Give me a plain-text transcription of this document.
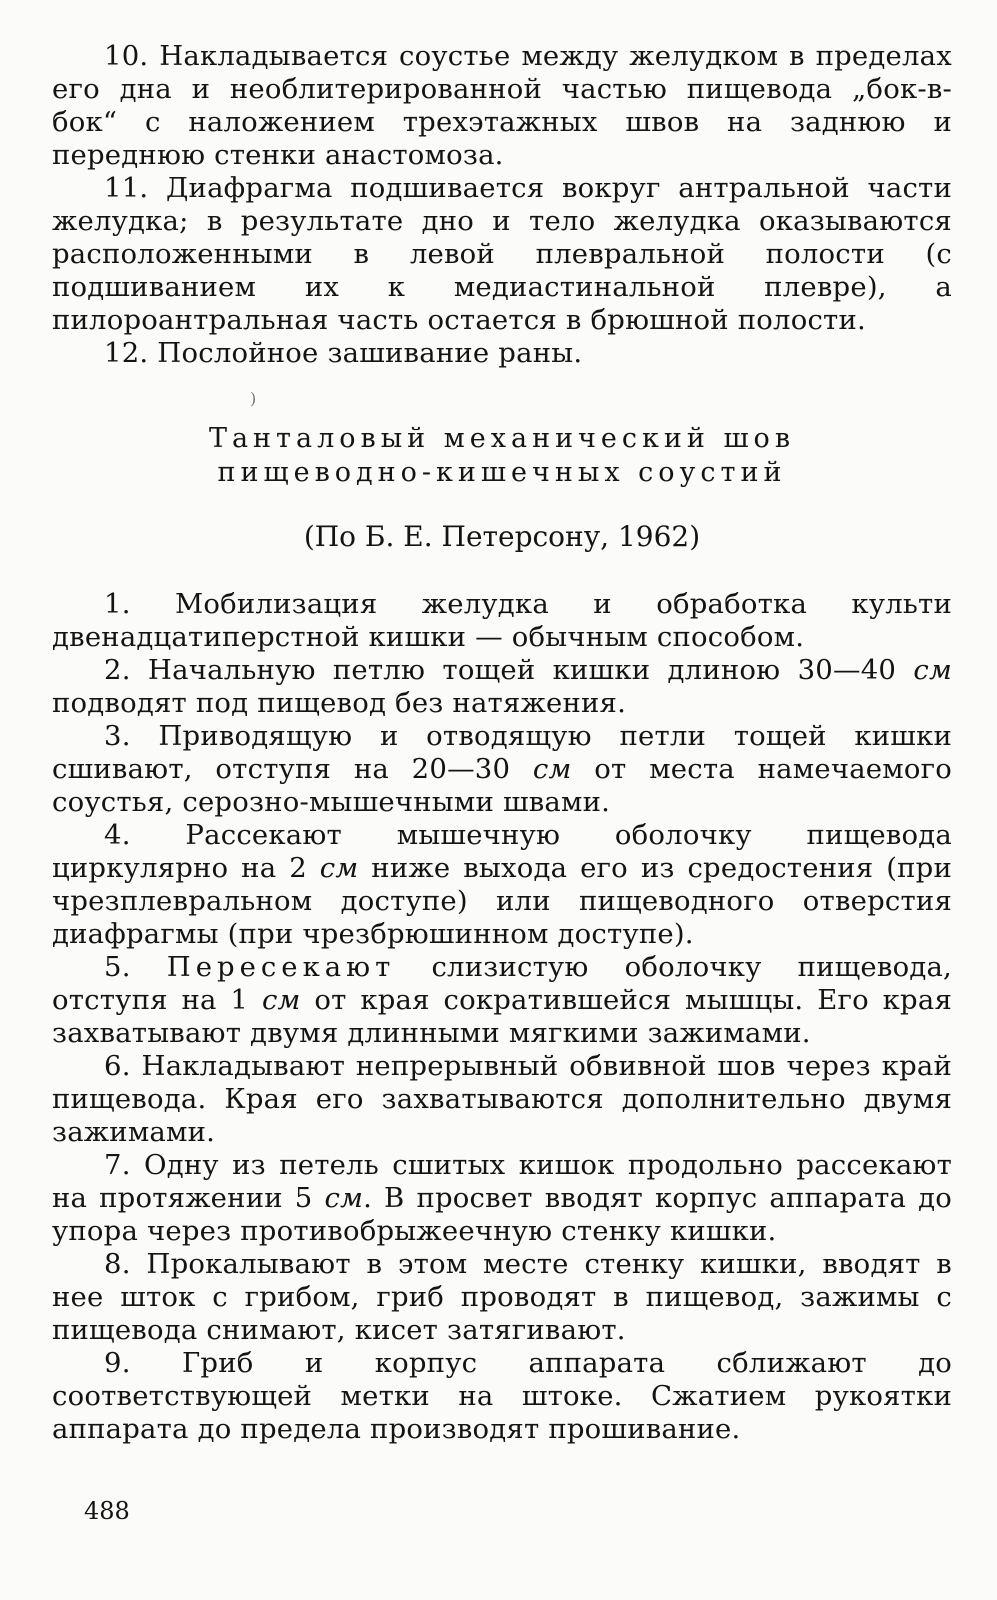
10. Накладывается соустье между желудком в пределах его дна и необлитерированной частью пищевода „бок-в-бок“ с наложением трехэтажных швов на заднюю и переднюю стенки анастомоза.

11. Диафрагма подшивается вокруг антральной части желудка; в результате дно и тело желудка оказываются расположенными в левой плевральной полости (с подшиванием их к медиастинальной плевре), а пилороантральная часть остается в брюшной полости.

12. Послойное зашивание раны.

Танталовый механический шов
пищеводно-кишечных соустий
(По Б. Е. Петерсону, 1962)

1. Мобилизация желудка и обработка культи двенадцатиперстной кишки — обычным способом.

2. Начальную петлю тощей кишки длиною 30—40 см подводят под пищевод без натяжения.

3. Приводящую и отводящую петли тощей кишки сшивают, отступя на 20—30 см от места намечаемого соустья, серозно-мышечными швами.

4. Рассекают мышечную оболочку пищевода циркулярно на 2 см ниже выхода его из средостения (при чрезплевральном доступе) или пищеводного отверстия диафрагмы (при чрезбрюшинном доступе).

5. Пересекают слизистую оболочку пищевода, отступя на 1 см от края сократившейся мышцы. Его края захватывают двумя длинными мягкими зажимами.

6. Накладывают непрерывный обвивной шов через край пищевода. Края его захватываются дополнительно двумя зажимами.

7. Одну из петель сшитых кишок продольно рассекают на протяжении 5 см. В просвет вводят корпус аппарата до упора через противобрыжеечную стенку кишки.

8. Прокалывают в этом месте стенку кишки, вводят в нее шток с грибом, гриб проводят в пищевод, зажимы с пищевода снимают, кисет затягивают.

9. Гриб и корпус аппарата сближают до соответствующей метки на штоке. Сжатием рукоятки аппарата до предела производят прошивание.

)
488
